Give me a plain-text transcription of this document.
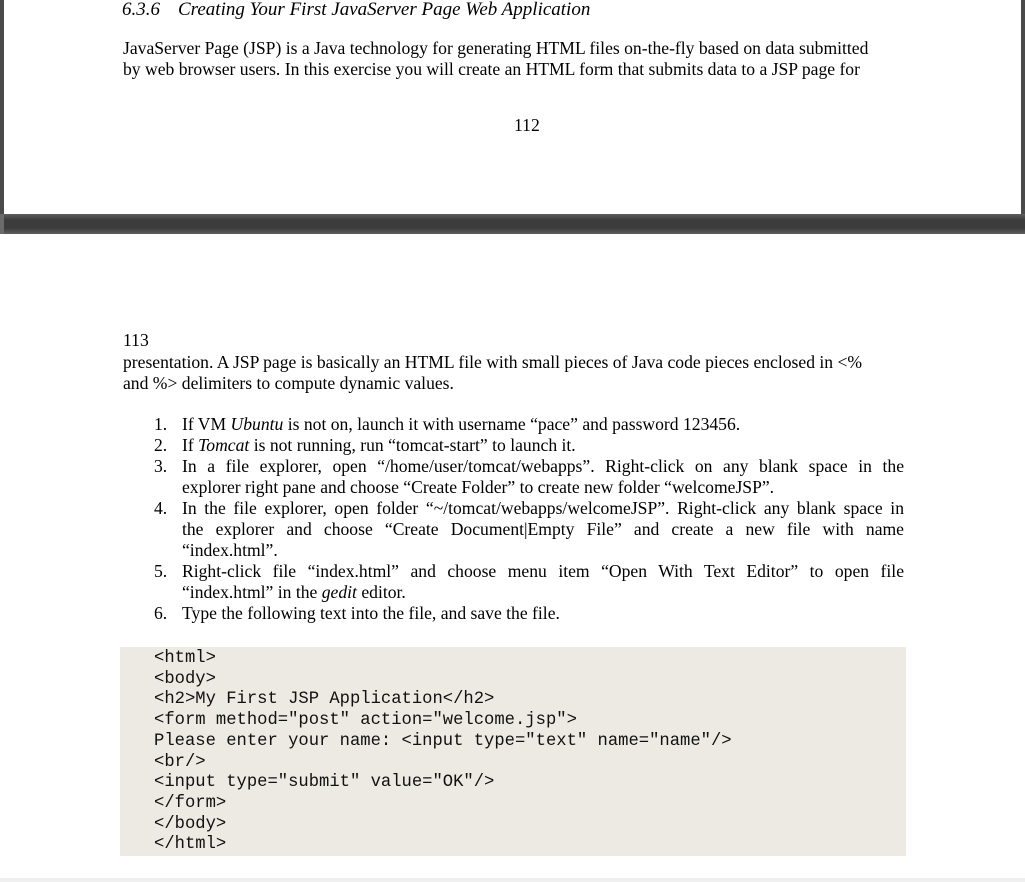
6.3.6 Creating Your First JavaServer Page Web Application
JavaServer Page (JSP) is a Java technology for generating HTML files on-the-fly based on data submitted
by web browser users. In this exercise you will create an HTML form that submits data to a JSP page for
112
113
presentation. A JSP page is basically an HTML file with small pieces of Java code pieces enclosed in <%
and %> delimiters to compute dynamic values.
1. If VM Ubuntu is not on, launch it with username “pace” and password 123456.
2. If Tomcat is not running, run “tomcat-start” to launch it.
3. In a file explorer, open “/home/user/tomcat/webapps”. Right-click on any blank space in the
explorer right pane and choose “Create Folder” to create new folder “welcomeJSP”.
4. In the file explorer, open folder “~/tomcat/webapps/welcomeJSP”. Right-click any blank space in
the explorer and choose “Create Document|Empty File” and create a new file with name
“index.html”.
5. Right-click file “index.html” and choose menu item “Open With Text Editor” to open file
“index.html” in the gedit editor.
6. Type the following text into the file, and save the file.
<html>
<body>
<h2>My First JSP Application</h2>
<form method="post" action="welcome.jsp">
Please enter your name: <input type="text" name="name"/>
<br/>
<input type="submit" value="OK"/>
</form>
</body>
</html>
